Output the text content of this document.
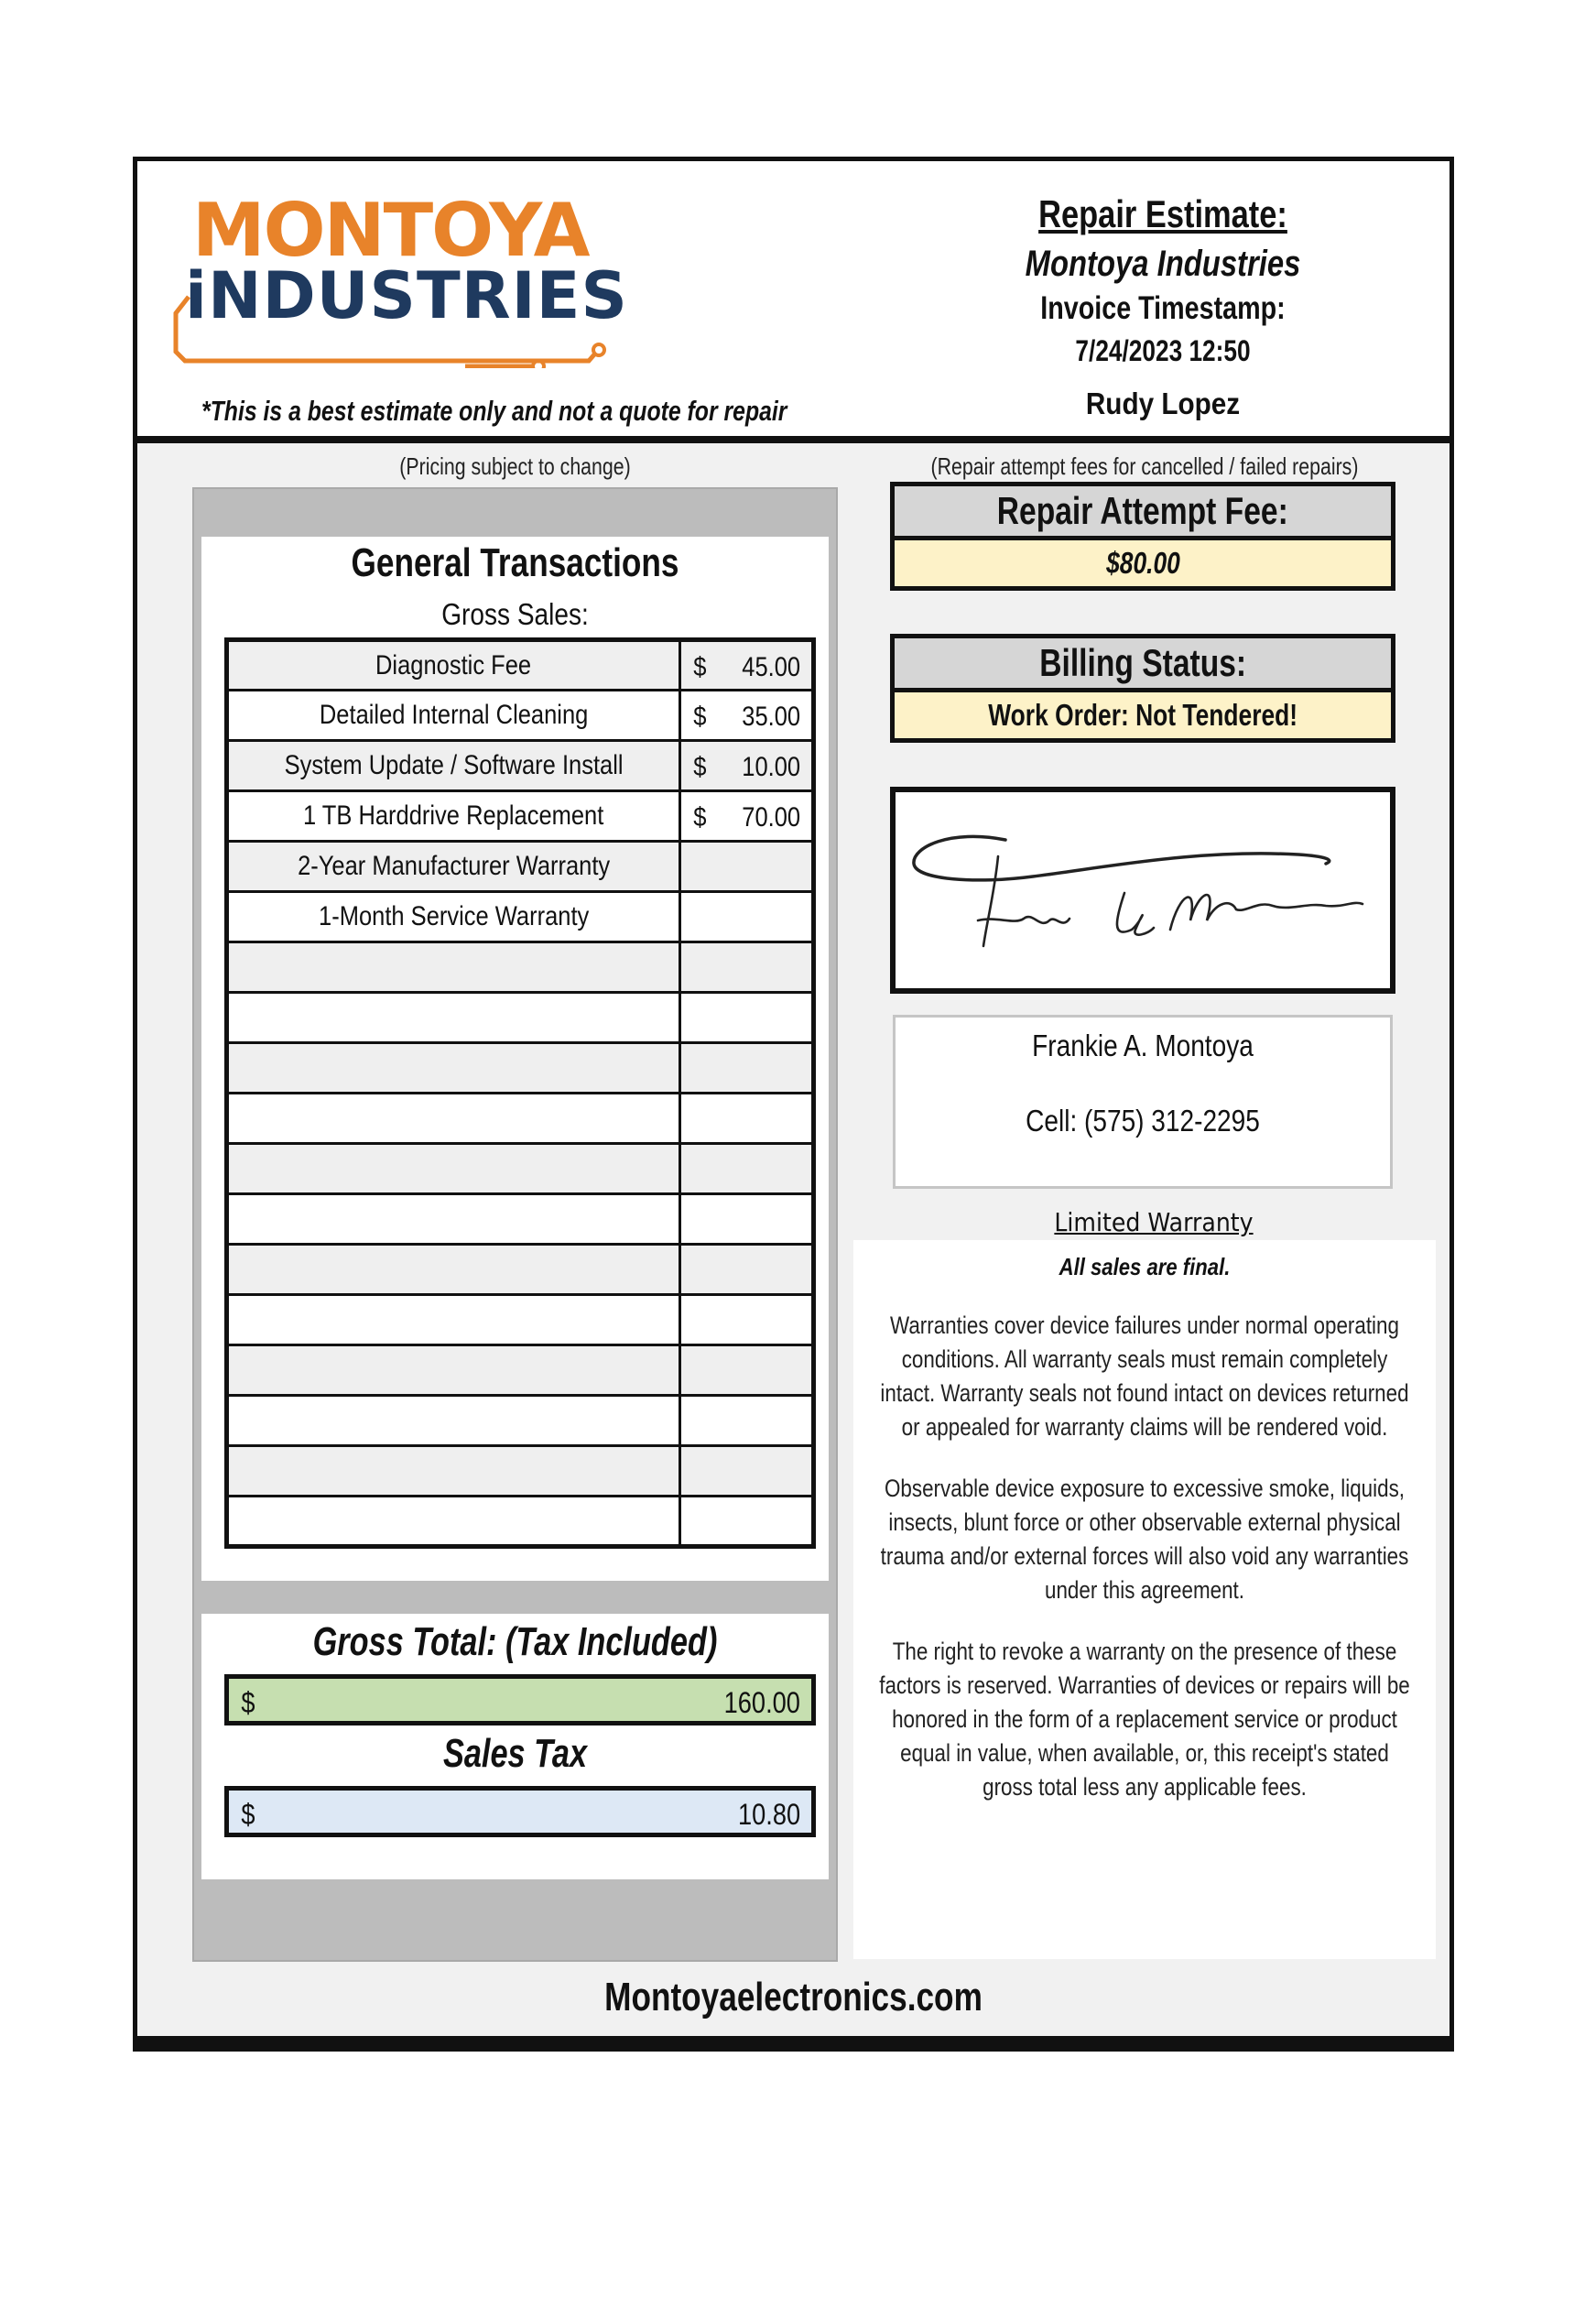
MONTOYA
iNDUSTRIES
*This is a best estimate only and not a quote for repair
Repair Estimate:
Montoya Industries
Invoice Timestamp:
7/24/2023 12:50
Rudy Lopez
(Pricing subject to change)	(Repair attempt fees for cancelled / failed repairs)
General Transactions
Gross Sales:
Diagnostic Fee	$ 45.00

Detailed Internal Cleaning	$ 35.00

System Update / Software Install	$ 10.00

1 TB Harddrive Replacement	$ 70.00

2-Year Manufacturer Warranty	

1-Month Service Warranty	

Gross Total: (Tax Included)
$	160.00
Sales Tax
$	10.80
Repair Attempt Fee:
$80.00
Billing Status:
Work Order: Not Tendered!
Frankie A. Montoya
Frankie A. Montoya
Cell: (575) 312-2295
Limited Warranty
All sales are final.
Warranties cover device failures under normal operating conditions. All warranty seals must remain completely intact. Warranty seals not found intact on devices returned or appealed for warranty claims will be rendered void.
Observable device exposure to excessive smoke, liquids, insects, blunt force or other observable external physical trauma and/or external forces will also void any warranties under this agreement.
The right to revoke a warranty on the presence of these factors is reserved. Warranties of devices or repairs will be honored in the form of a replacement service or product equal in value, when available, or, this receipt's stated gross total less any applicable fees.
Montoyaelectronics.com
